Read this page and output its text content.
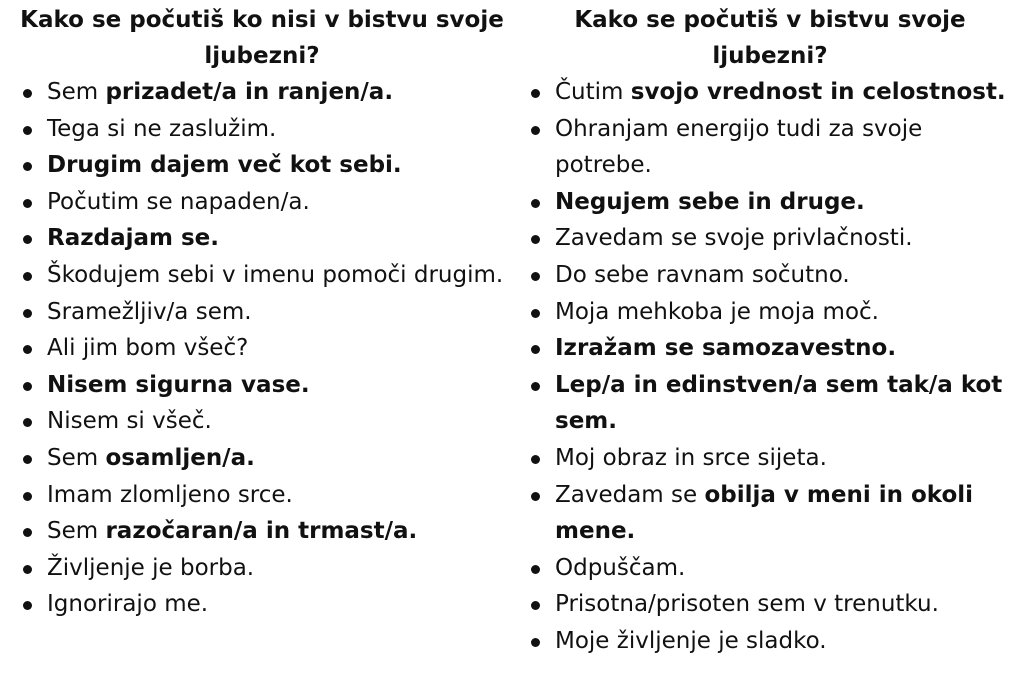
Kako se počutiš ko nisi v bistvu svoje ljubezni?
Sem prizadet/a in ranjen/a.
Tega si ne zaslužim.
Drugim dajem več kot sebi.
Počutim se napaden/a.
Razdajam se.
Škodujem sebi v imenu pomoči drugim.
Sramežljiv/a sem.
Ali jim bom všeč?
Nisem sigurna vase.
Nisem si všeč.
Sem osamljen/a.
Imam zlomljeno srce.
Sem razočaran/a in trmast/a.
Življenje je borba.
Ignorirajo me.
Kako se počutiš v bistvu svoje ljubezni?
Čutim svojo vrednost in celostnost.
Ohranjam energijo tudi za svoje potrebe.
Negujem sebe in druge.
Zavedam se svoje privlačnosti.
Do sebe ravnam sočutno.
Moja mehkoba je moja moč.
Izražam se samozavestno.
Lep/a in edinstven/a sem tak/a kot sem.
Moj obraz in srce sijeta.
Zavedam se obilja v meni in okoli mene.
Odpuščam.
Prisotna/prisoten sem v trenutku.
Moje življenje je sladko.
